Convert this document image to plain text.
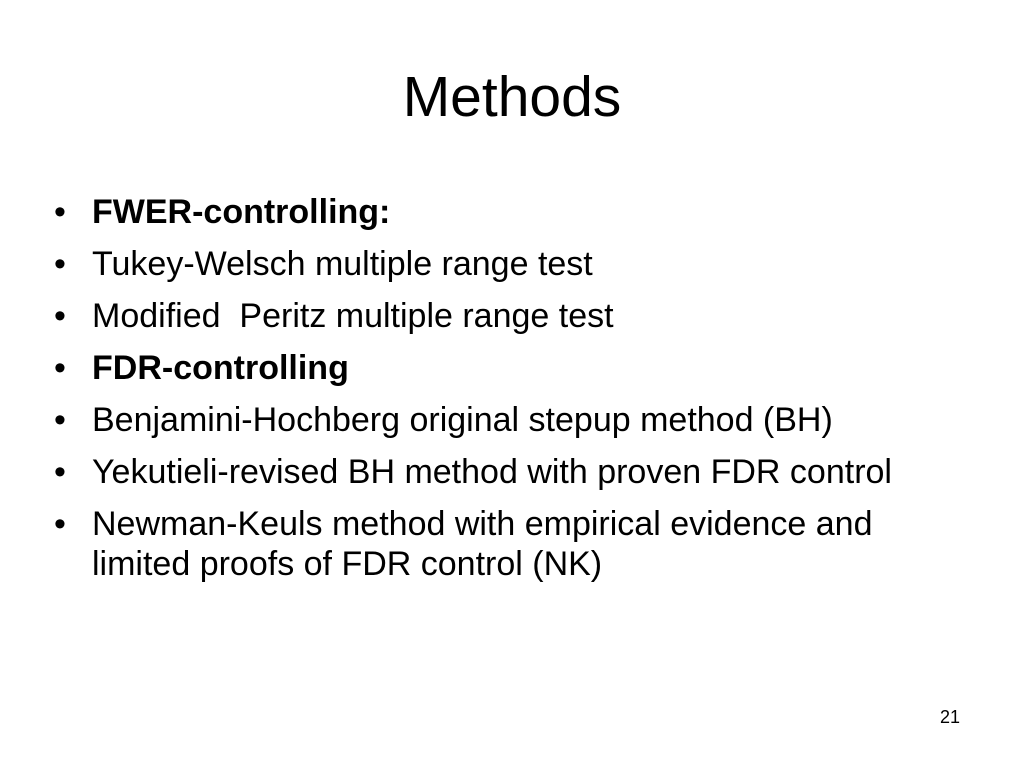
Methods
• FWER-controlling:
• Tukey-Welsch multiple range test
• Modified  Peritz multiple range test
• FDR-controlling
• Benjamini-Hochberg original stepup method (BH)
• Yekutieli-revised BH method with proven FDR control
• Newman-Keuls method with empirical evidence and limited proofs of FDR control (NK)
21
